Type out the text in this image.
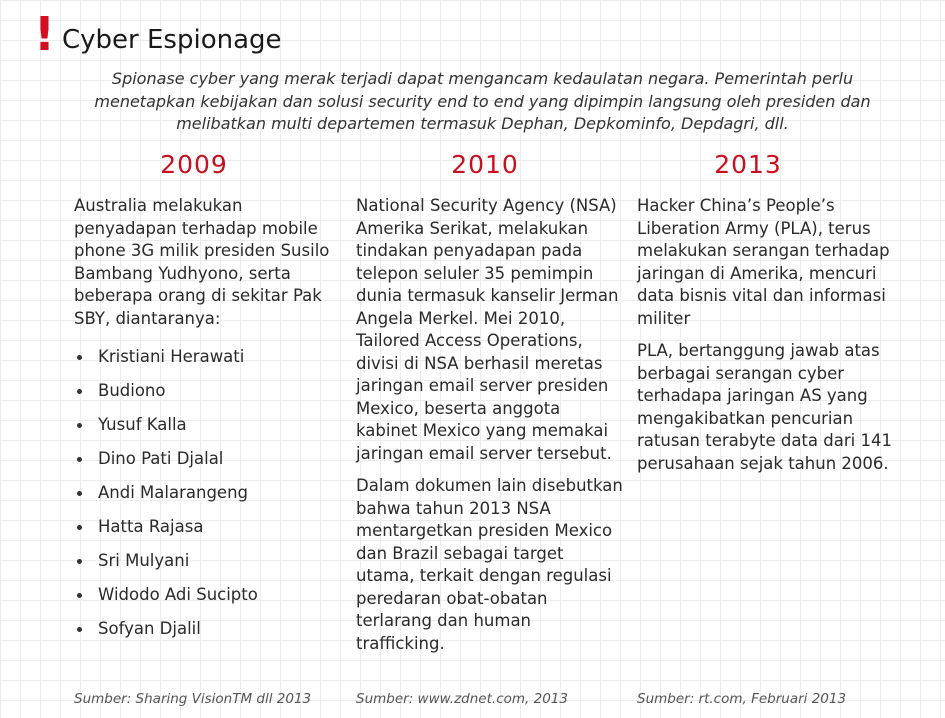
! Cyber Espionage

Spionase cyber yang merak terjadi dapat mengancam kedaulatan negara. Pemerintah perlu menetapkan kebijakan dan solusi security end to end yang dipimpin langsung oleh presiden dan melibatkan multi departemen termasuk Dephan, Depkominfo, Depdagri, dll.

2009

Australia melakukan penyadapan terhadap mobile phone 3G milik presiden Susilo Bambang Yudhyono, serta beberapa orang di sekitar Pak SBY, diantaranya:

Kristiani Herawati
Budiono
Yusuf Kalla
Dino Pati Djalal
Andi Malarangeng
Hatta Rajasa
Sri Mulyani
Widodo Adi Sucipto
Sofyan Djalil
2010

National Security Agency (NSA) Amerika Serikat, melakukan tindakan penyadapan pada telepon seluler 35 pemimpin dunia termasuk kanselir Jerman Angela Merkel. Mei 2010, Tailored Access Operations, divisi di NSA berhasil meretas jaringan email server presiden Mexico, beserta anggota kabinet Mexico yang memakai jaringan email server tersebut.

Dalam dokumen lain disebutkan bahwa tahun 2013 NSA mentargetkan presiden Mexico dan Brazil sebagai target utama, terkait dengan regulasi peredaran obat-obatan terlarang dan human trafficking.

2013

Hacker China’s People’s Liberation Army (PLA), terus melakukan serangan terhadap jaringan di Amerika, mencuri data bisnis vital dan informasi militer

PLA, bertanggung jawab atas berbagai serangan cyber terhadapa jaringan AS yang mengakibatkan pencurian ratusan terabyte data dari 141 perusahaan sejak tahun 2006.

Sumber: Sharing VisionTM dll 2013	Sumber: www.zdnet.com, 2013	Sumber: rt.com, Februari 2013
